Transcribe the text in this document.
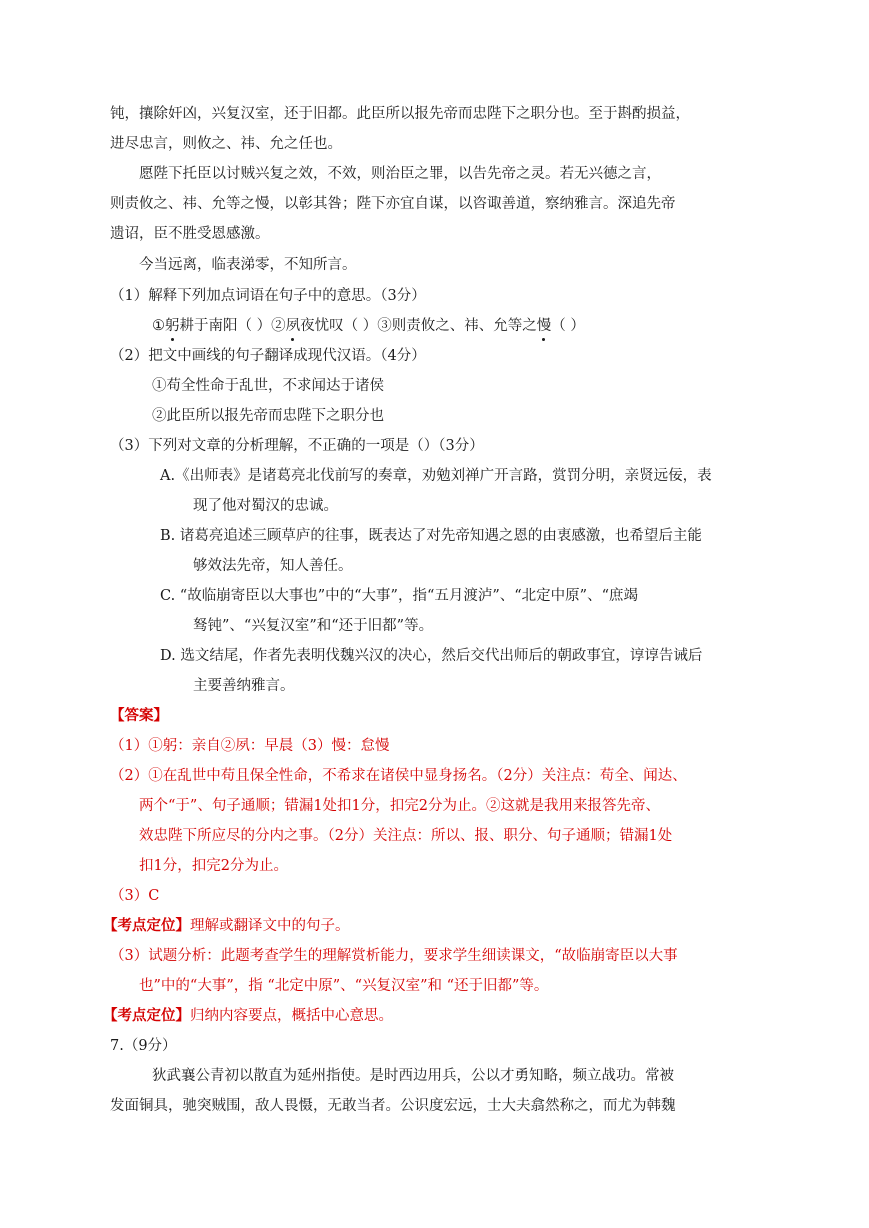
钝，攘除奸凶，兴复汉室，还于旧都。此臣所以报先帝而忠陛下之职分也。至于斟酌损益，
进尽忠言，则攸之、祎、允之任也。
愿陛下托臣以讨贼兴复之效，不效，则治臣之罪，以告先帝之灵。若无兴德之言，
则责攸之、祎、允等之慢，以彰其咎；陛下亦宜自谋，以咨诹善道，察纳雅言。深追先帝
遗诏，臣不胜受恩感激。
今当远离，临表涕零，不知所言。
（1）解释下列加点词语在句子中的意思。（3分）
①躬耕于南阳（ ）②夙夜忧叹（ ）③则责攸之、祎、允等之慢（ ）
（2）把文中画线的句子翻译成现代汉语。（4分）
①苟全性命于乱世，不求闻达于诸侯
②此臣所以报先帝而忠陛下之职分也
（3）下列对文章的分析理解，不正确的一项是（）（3分）
A.《出师表》是诸葛亮北伐前写的奏章，劝勉刘禅广开言路，赏罚分明，亲贤远佞，表
现了他对蜀汉的忠诚。
B. 诸葛亮追述三顾草庐的往事，既表达了对先帝知遇之恩的由衷感激，也希望后主能
够效法先帝，知人善任。
C. “故临崩寄臣以大事也”中的“大事”，指“五月渡泸”、“北定中原”、“庶竭
驽钝”、“兴复汉室”和“还于旧都”等。
D. 选文结尾，作者先表明伐魏兴汉的决心，然后交代出师后的朝政事宜，谆谆告诫后
主要善纳雅言。
【答案】
（1）①躬：亲自②夙：早晨（3）慢：怠慢
（2）①在乱世中苟且保全性命，不希求在诸侯中显身扬名。（2分）关注点：苟全、闻达、
两个“于”、句子通顺；错漏1处扣1分，扣完2分为止。②这就是我用来报答先帝、
效忠陛下所应尽的分内之事。（2分）关注点：所以、报、职分、句子通顺；错漏1处
扣1分，扣完2分为止。
（3）C
【考点定位】理解或翻译文中的句子。
（3）试题分析：此题考查学生的理解赏析能力，要求学生细读课文，“故临崩寄臣以大事
也”中的“大事”，指 “北定中原”、“兴复汉室”和 “还于旧都”等。
【考点定位】归纳内容要点，概括中心意思。
7.（9分）
狄武襄公青初以散直为延州指使。是时西边用兵，公以才勇知略，频立战功。常被
发面铜具，驰突贼围，敌人畏慑，无敢当者。公识度宏远，士大夫翕然称之，而尤为韩魏
